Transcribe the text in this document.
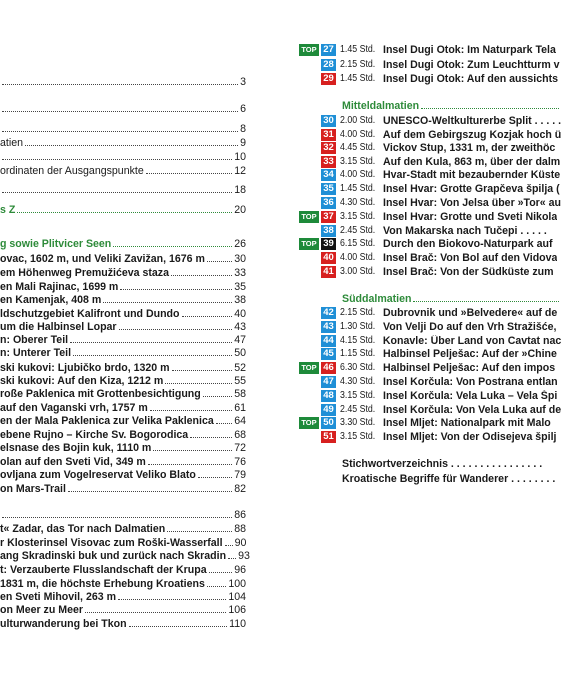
3
6
8
atien	9
10
ordinaten der Ausgangspunkte	12
18
s Z	20
g sowie Plitvicer Seen	26
ovac, 1602 m, und Veliki Zavižan, 1676 m	30
em Höhenweg Premužićeva staza	33
en Mali Rajinac, 1699 m	35
en Kamenjak, 408 m	38
ldschutzgebiet Kalifront und Dundo	40
um die Halbinsel Lopar	43
n: Oberer Teil	47
n: Unterer Teil	50
ski kukovi: Ljubičko brdo, 1320 m	52
ski kukovi: Auf den Kiza, 1212 m	55
roße Paklenica mit Grottenbesichtigung	58
auf den Vaganski vrh, 1757 m	61
en der Mala Paklenica zur Velika Paklenica 64
ebene Rujno – Kirche Sv. Bogorodica	68
elsnase des Bojin kuk, 1110 m	72
olan auf den Sveti Vid, 349 m	76
ovljana zum Vogelreservat Veliko Blato	79
on Mars-Trail	82
86
t« Zadar, das Tor nach Dalmatien	88
r Klosterinsel Visovac zum Roški-Wasserfall 90
ang Skradinski buk und zurück nach Skradin 93
t: Verzauberte Flusslandschaft der Krupa	96
1831 m, die höchste Erhebung Kroatiens 100
en Sveti Mihovil, 263 m	104
on Meer zu Meer	106
ulturwanderung bei Tkon	110
TOP 27 1.45 Std. Insel Dugi Otok: Im Naturpark Tela
28 2.15 Std. Insel Dugi Otok: Zum Leuchtturm v
29 1.45 Std. Insel Dugi Otok: Auf den aussichts
Mitteldalmatien
30 2.00 Std. UNESCO-Weltkulturerbe Split . . . . .
31 4.00 Std. Auf dem Gebirgszug Kozjak hoch ü
32 4.45 Std. Vickov Stup, 1331 m, der zweithöc
33 3.15 Std. Auf den Kula, 863 m, über der dalm
34 4.00 Std. Hvar-Stadt mit bezaubernder Küste
35 1.45 Std. Insel Hvar: Grotte Grapčeva špilja (
36 4.30 Std. Insel Hvar: Von Jelsa über »Tor« au
TOP 37 3.15 Std. Insel Hvar: Grotte und Sveti Nikola
38 2.45 Std. Von Makarska nach Tučepi . . . . .
TOP 39 6.15 Std. Durch den Biokovo-Naturpark auf
40 4.00 Std. Insel Brač: Von Bol auf den Vidova
41 3.00 Std. Insel Brač: Von der Südküste zum
Süddalmatien
42 2.15 Std. Dubrovnik und »Belvedere« auf de
43 1.30 Std. Von Velji Do auf den Vrh Stražišće,
44 4.15 Std. Konavle: Über Land von Cavtat nac
45 1.15 Std. Halbinsel Pelješac: Auf der »Chine
TOP 46 6.30 Std. Halbinsel Pelješac: Auf den impos
47 4.30 Std. Insel Korčula: Von Postrana entlan
48 3.15 Std. Insel Korčula: Vela Luka – Vela Špi
49 2.45 Std. Insel Korčula: Von Vela Luka auf de
TOP 50 3.30 Std. Insel Mljet: Nationalpark mit Malo
51 3.15 Std. Insel Mljet: Von der Odisejeva špilj
Stichwortverzeichnis . . . . . . . . . . . . . . . .
Kroatische Begriffe für Wanderer . . . . . . . .
